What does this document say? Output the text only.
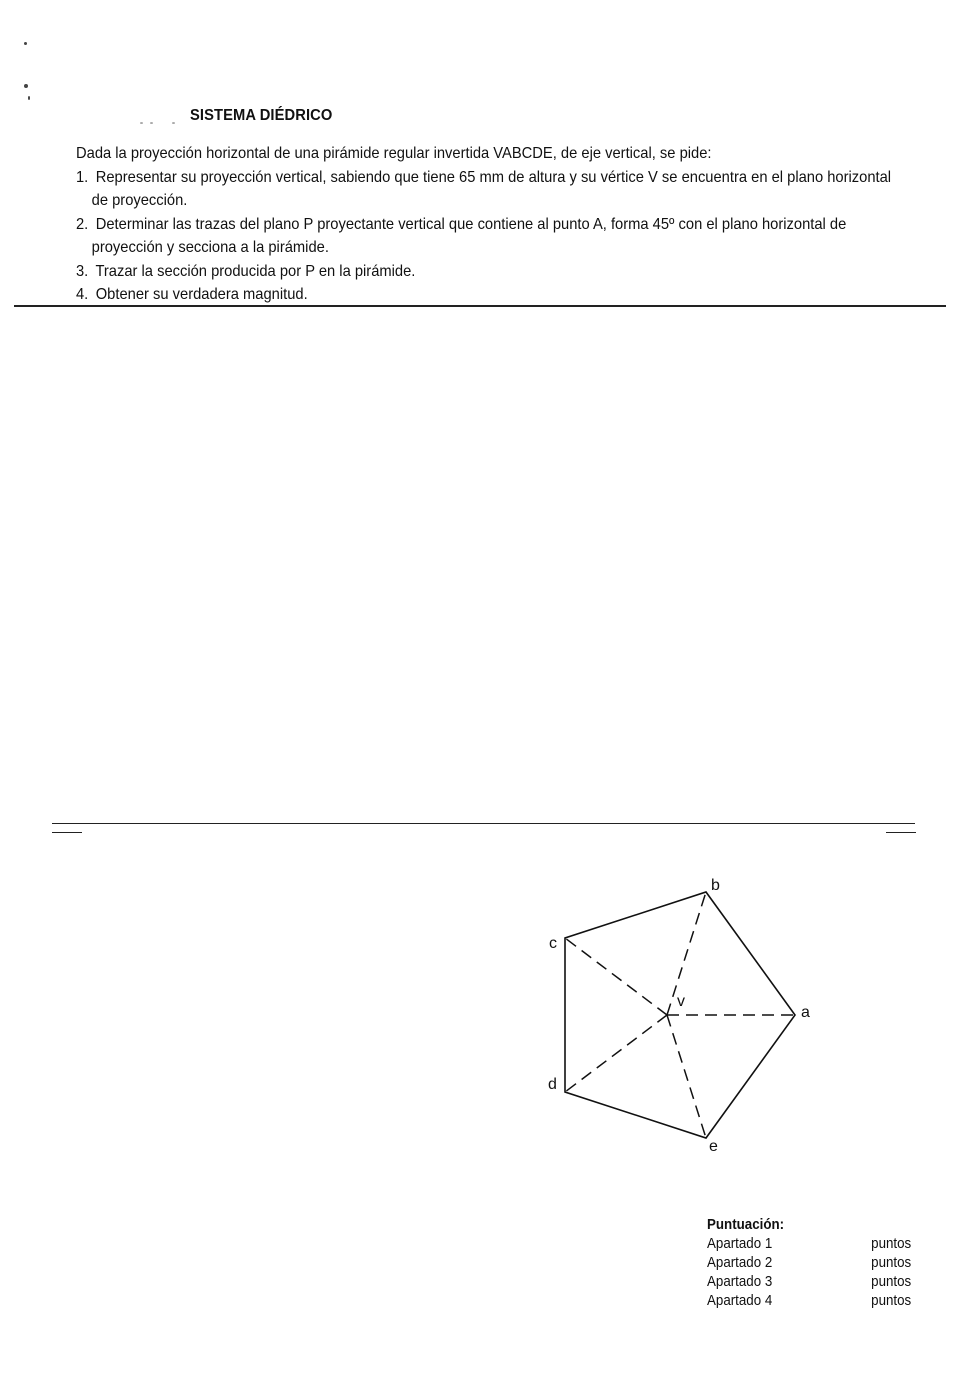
SISTEMA DIÉDRICO

Dada la proyección horizontal de una pirámide regular invertida VABCDE, de eje vertical, se pide:

1. Representar su proyección vertical, sabiendo que tiene 65 mm de altura y su vértice V se encuentra en el plano horizontal de proyección.
2. Determinar las trazas del plano P proyectante vertical que contiene al punto A, forma 45º con el plano horizontal de proyección y secciona a la pirámide.
3. Trazar la sección producida por P en la pirámide.
4. Obtener su verdadera magnitud.
b
c
v
a
d
e
Puntuación:
Apartado 1	puntos
Apartado 2	puntos
Apartado 3	puntos
Apartado 4	puntos
